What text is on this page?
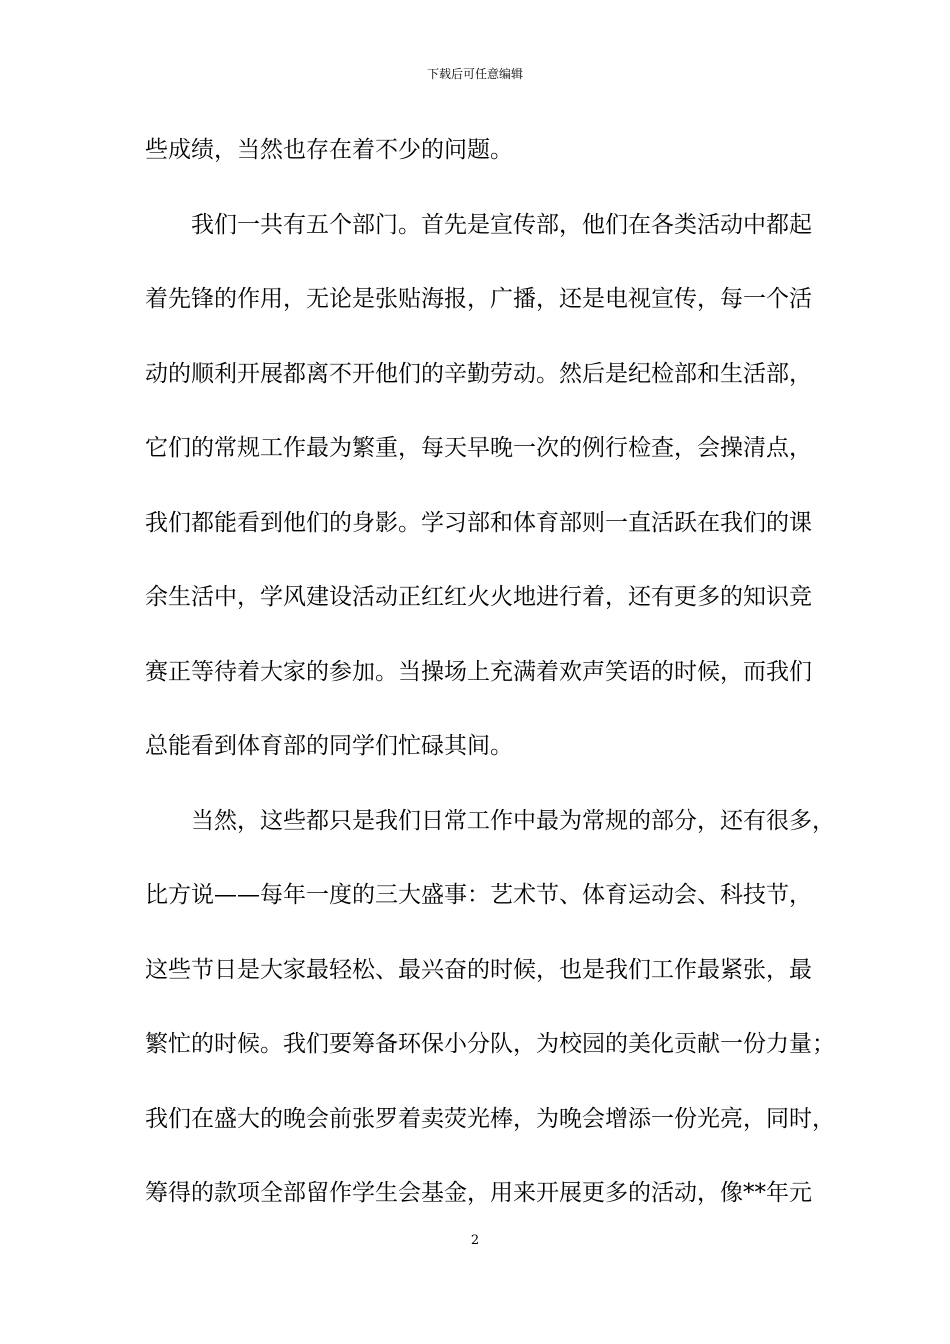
下载后可任意编辑
些成绩，当然也存在着不少的问题。
我们一共有五个部门。首先是宣传部，他们在各类活动中都起
着先锋的作用，无论是张贴海报，广播，还是电视宣传，每一个活
动的顺利开展都离不开他们的辛勤劳动。然后是纪检部和生活部，
它们的常规工作最为繁重，每天早晚一次的例行检查，会操清点，
我们都能看到他们的身影。学习部和体育部则一直活跃在我们的课
余生活中，学风建设活动正红红火火地进行着，还有更多的知识竞
赛正等待着大家的参加。当操场上充满着欢声笑语的时候，而我们
总能看到体育部的同学们忙碌其间。
当然，这些都只是我们日常工作中最为常规的部分，还有很多，
比方说——每年一度的三大盛事：艺术节、体育运动会、科技节，
这些节日是大家最轻松、最兴奋的时候，也是我们工作最紧张，最
繁忙的时候。我们要筹备环保小分队，为校园的美化贡献一份力量；
我们在盛大的晚会前张罗着卖荧光棒，为晚会增添一份光亮，同时，
筹得的款项全部留作学生会基金，用来开展更多的活动，像**年元
2
